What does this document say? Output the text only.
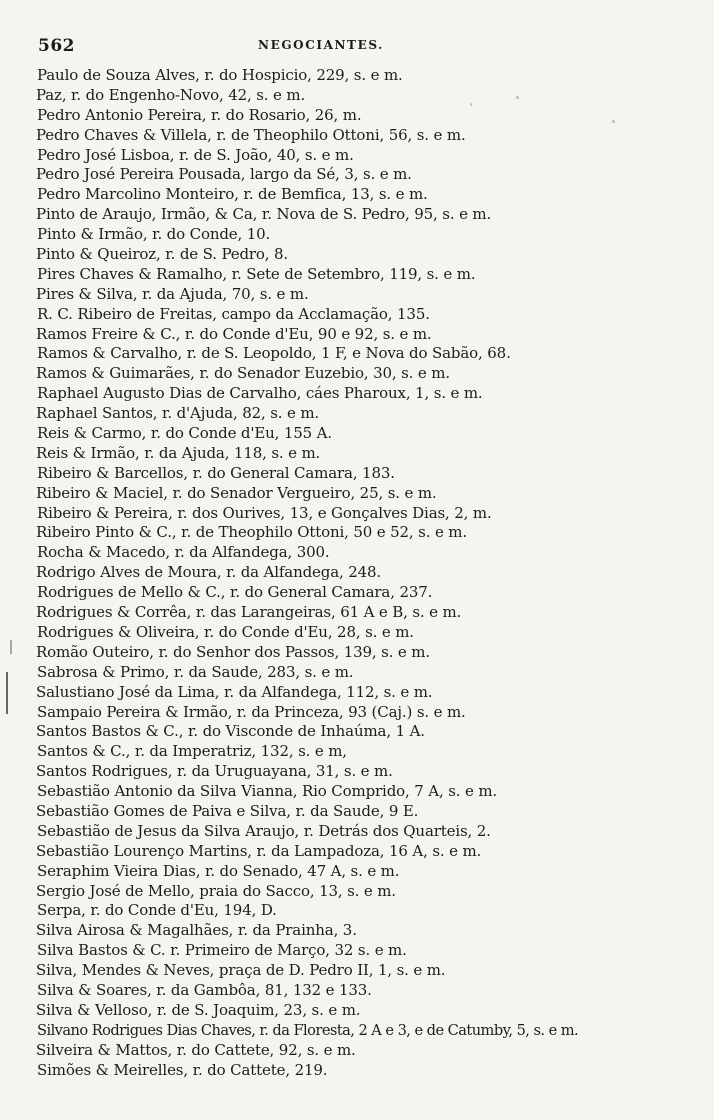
562	NEGOCIANTES.
Paulo de Souza Alves, r. do Hospicio, 229, s. e m.
Paz, r. do Engenho-Novo, 42, s. e m.
Pedro Antonio Pereira, r. do Rosario, 26, m.
Pedro Chaves & Villela, r. de Theophilo Ottoni, 56, s. e m.
Pedro José Lisboa, r. de S. João, 40, s. e m.
Pedro José Pereira Pousada, largo da Sé, 3, s. e m.
Pedro Marcolino Monteiro, r. de Bemfica, 13, s. e m.
Pinto de Araujo, Irmão, & Ca, r. Nova de S. Pedro, 95, s. e m.
Pinto & Irmão, r. do Conde, 10.
Pinto & Queiroz, r. de S. Pedro, 8.
Pires Chaves & Ramalho, r. Sete de Setembro, 119, s. e m.
Pires & Silva, r. da Ajuda, 70, s. e m.
R. C. Ribeiro de Freitas, campo da Acclamação, 135.
Ramos Freire & C., r. do Conde d'Eu, 90 e 92, s. e m.
Ramos & Carvalho, r. de S. Leopoldo, 1 F, e Nova do Sabão, 68.
Ramos & Guimarães, r. do Senador Euzebio, 30, s. e m.
Raphael Augusto Dias de Carvalho, cáes Pharoux, 1, s. e m.
Raphael Santos, r. d'Ajuda, 82, s. e m.
Reis & Carmo, r. do Conde d'Eu, 155 A.
Reis & Irmão, r. da Ajuda, 118, s. e m.
Ribeiro & Barcellos, r. do General Camara, 183.
Ribeiro & Maciel, r. do Senador Vergueiro, 25, s. e m.
Ribeiro & Pereira, r. dos Ourives, 13, e Gonçalves Dias, 2, m.
Ribeiro Pinto & C., r. de Theophilo Ottoni, 50 e 52, s. e m.
Rocha & Macedo, r. da Alfandega, 300.
Rodrigo Alves de Moura, r. da Alfandega, 248.
Rodrigues de Mello & C., r. do General Camara, 237.
Rodrigues & Corrêa, r. das Larangeiras, 61 A e B, s. e m.
Rodrigues & Oliveira, r. do Conde d'Eu, 28, s. e m.
Romão Outeiro, r. do Senhor dos Passos, 139, s. e m.
Sabrosa & Primo, r. da Saude, 283, s. e m.
Salustiano José da Lima, r. da Alfandega, 112, s. e m.
Sampaio Pereira & Irmão, r. da Princeza, 93 (Caj.) s. e m.
Santos Bastos & C., r. do Visconde de Inhaúma, 1 A.
Santos & C., r. da Imperatriz, 132, s. e m,
Santos Rodrigues, r. da Uruguayana, 31, s. e m.
Sebastião Antonio da Silva Vianna, Rio Comprido, 7 A, s. e m.
Sebastião Gomes de Paiva e Silva, r. da Saude, 9 E.
Sebastião de Jesus da Silva Araujo, r. Detrás dos Quarteis, 2.
Sebastião Lourenço Martins, r. da Lampadoza, 16 A, s. e m.
Seraphim Vieira Dias, r. do Senado, 47 A, s. e m.
Sergio José de Mello, praia do Sacco, 13, s. e m.
Serpa, r. do Conde d'Eu, 194, D.
Silva Airosa & Magalhães, r. da Prainha, 3.
Silva Bastos & C. r. Primeiro de Março, 32 s. e m.
Silva, Mendes & Neves, praça de D. Pedro II, 1, s. e m.
Silva & Soares, r. da Gambôa, 81, 132 e 133.
Silva & Velloso, r. de S. Joaquim, 23, s. e m.
Silvano Rodrigues Dias Chaves, r. da Floresta, 2 A e 3, e de Catumby, 5, s. e m.
Silveira & Mattos, r. do Cattete, 92, s. e m.
Simões & Meirelles, r. do Cattete, 219.
